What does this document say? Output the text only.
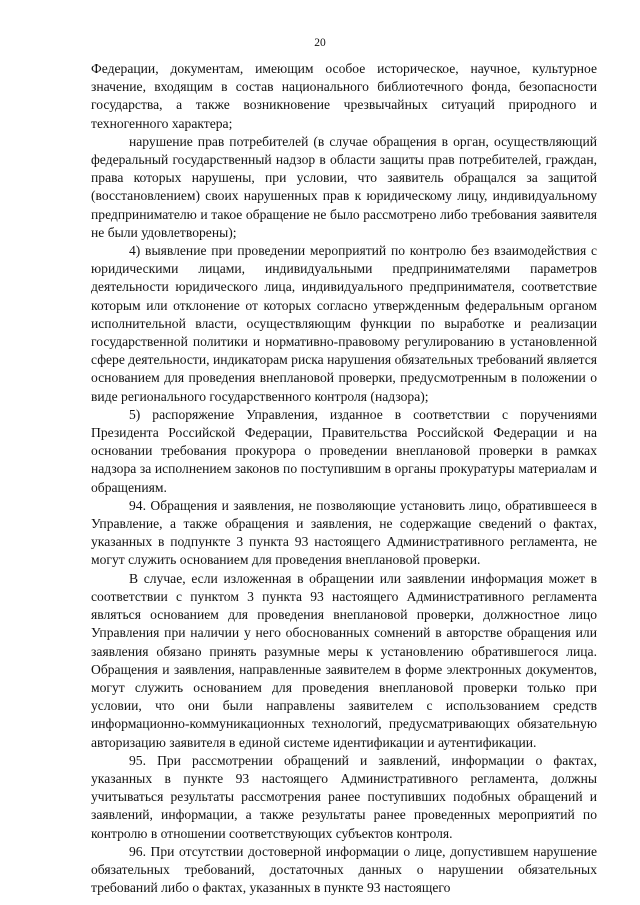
20

Федерации, документам, имеющим особое историческое, научное, культурное значение, входящим в состав национального библиотечного фонда, безопасности государства, а также возникновение чрезвычайных ситуаций природного и техногенного характера;

нарушение прав потребителей (в случае обращения в орган, осуществляющий федеральный государственный надзор в области защиты прав потребителей, граждан, права которых нарушены, при условии, что заявитель обращался за защитой (восстановлением) своих нарушенных прав к юридическому лицу, индивидуальному предпринимателю и такое обращение не было рассмотрено либо требования заявителя не были удовлетворены);

4) выявление при проведении мероприятий по контролю без взаимодействия с юридическими лицами, индивидуальными предпринимателями параметров деятельности юридического лица, индивидуального предпринимателя, соответствие которым или отклонение от которых согласно утвержденным федеральным органом исполнительной власти, осуществляющим функции по выработке и реализации государственной политики и нормативно-правовому регулированию в установленной сфере деятельности, индикаторам риска нарушения обязательных требований является основанием для проведения внеплановой проверки, предусмотренным в положении о виде регионального государственного контроля (надзора);

5) распоряжение Управления, изданное в соответствии с поручениями Президента Российской Федерации, Правительства Российской Федерации и на основании требования прокурора о проведении внеплановой проверки в рамках надзора за исполнением законов по поступившим в органы прокуратуры материалам и обращениям.

94. Обращения и заявления, не позволяющие установить лицо, обратившееся в Управление, а также обращения и заявления, не содержащие сведений о фактах, указанных в подпункте 3 пункта 93 настоящего Административного регламента, не могут служить основанием для проведения внеплановой проверки.

В случае, если изложенная в обращении или заявлении информация может в соответствии с пунктом 3 пункта 93 настоящего Административного регламента являться основанием для проведения внеплановой проверки, должностное лицо Управления при наличии у него обоснованных сомнений в авторстве обращения или заявления обязано принять разумные меры к установлению обратившегося лица. Обращения и заявления, направленные заявителем в форме электронных документов, могут служить основанием для проведения внеплановой проверки только при условии, что они были направлены заявителем с использованием средств информационно-коммуникационных технологий, предусматривающих обязательную авторизацию заявителя в единой системе идентификации и аутентификации.

95. При рассмотрении обращений и заявлений, информации о фактах, указанных в пункте 93 настоящего Административного регламента, должны учитываться результаты рассмотрения ранее поступивших подобных обращений и заявлений, информации, а также результаты ранее проведенных мероприятий по контролю в отношении соответствующих субъектов контроля.

96. При отсутствии достоверной информации о лице, допустившем нарушение обязательных требований, достаточных данных о нарушении обязательных требований либо о фактах, указанных в пункте 93 настоящего
